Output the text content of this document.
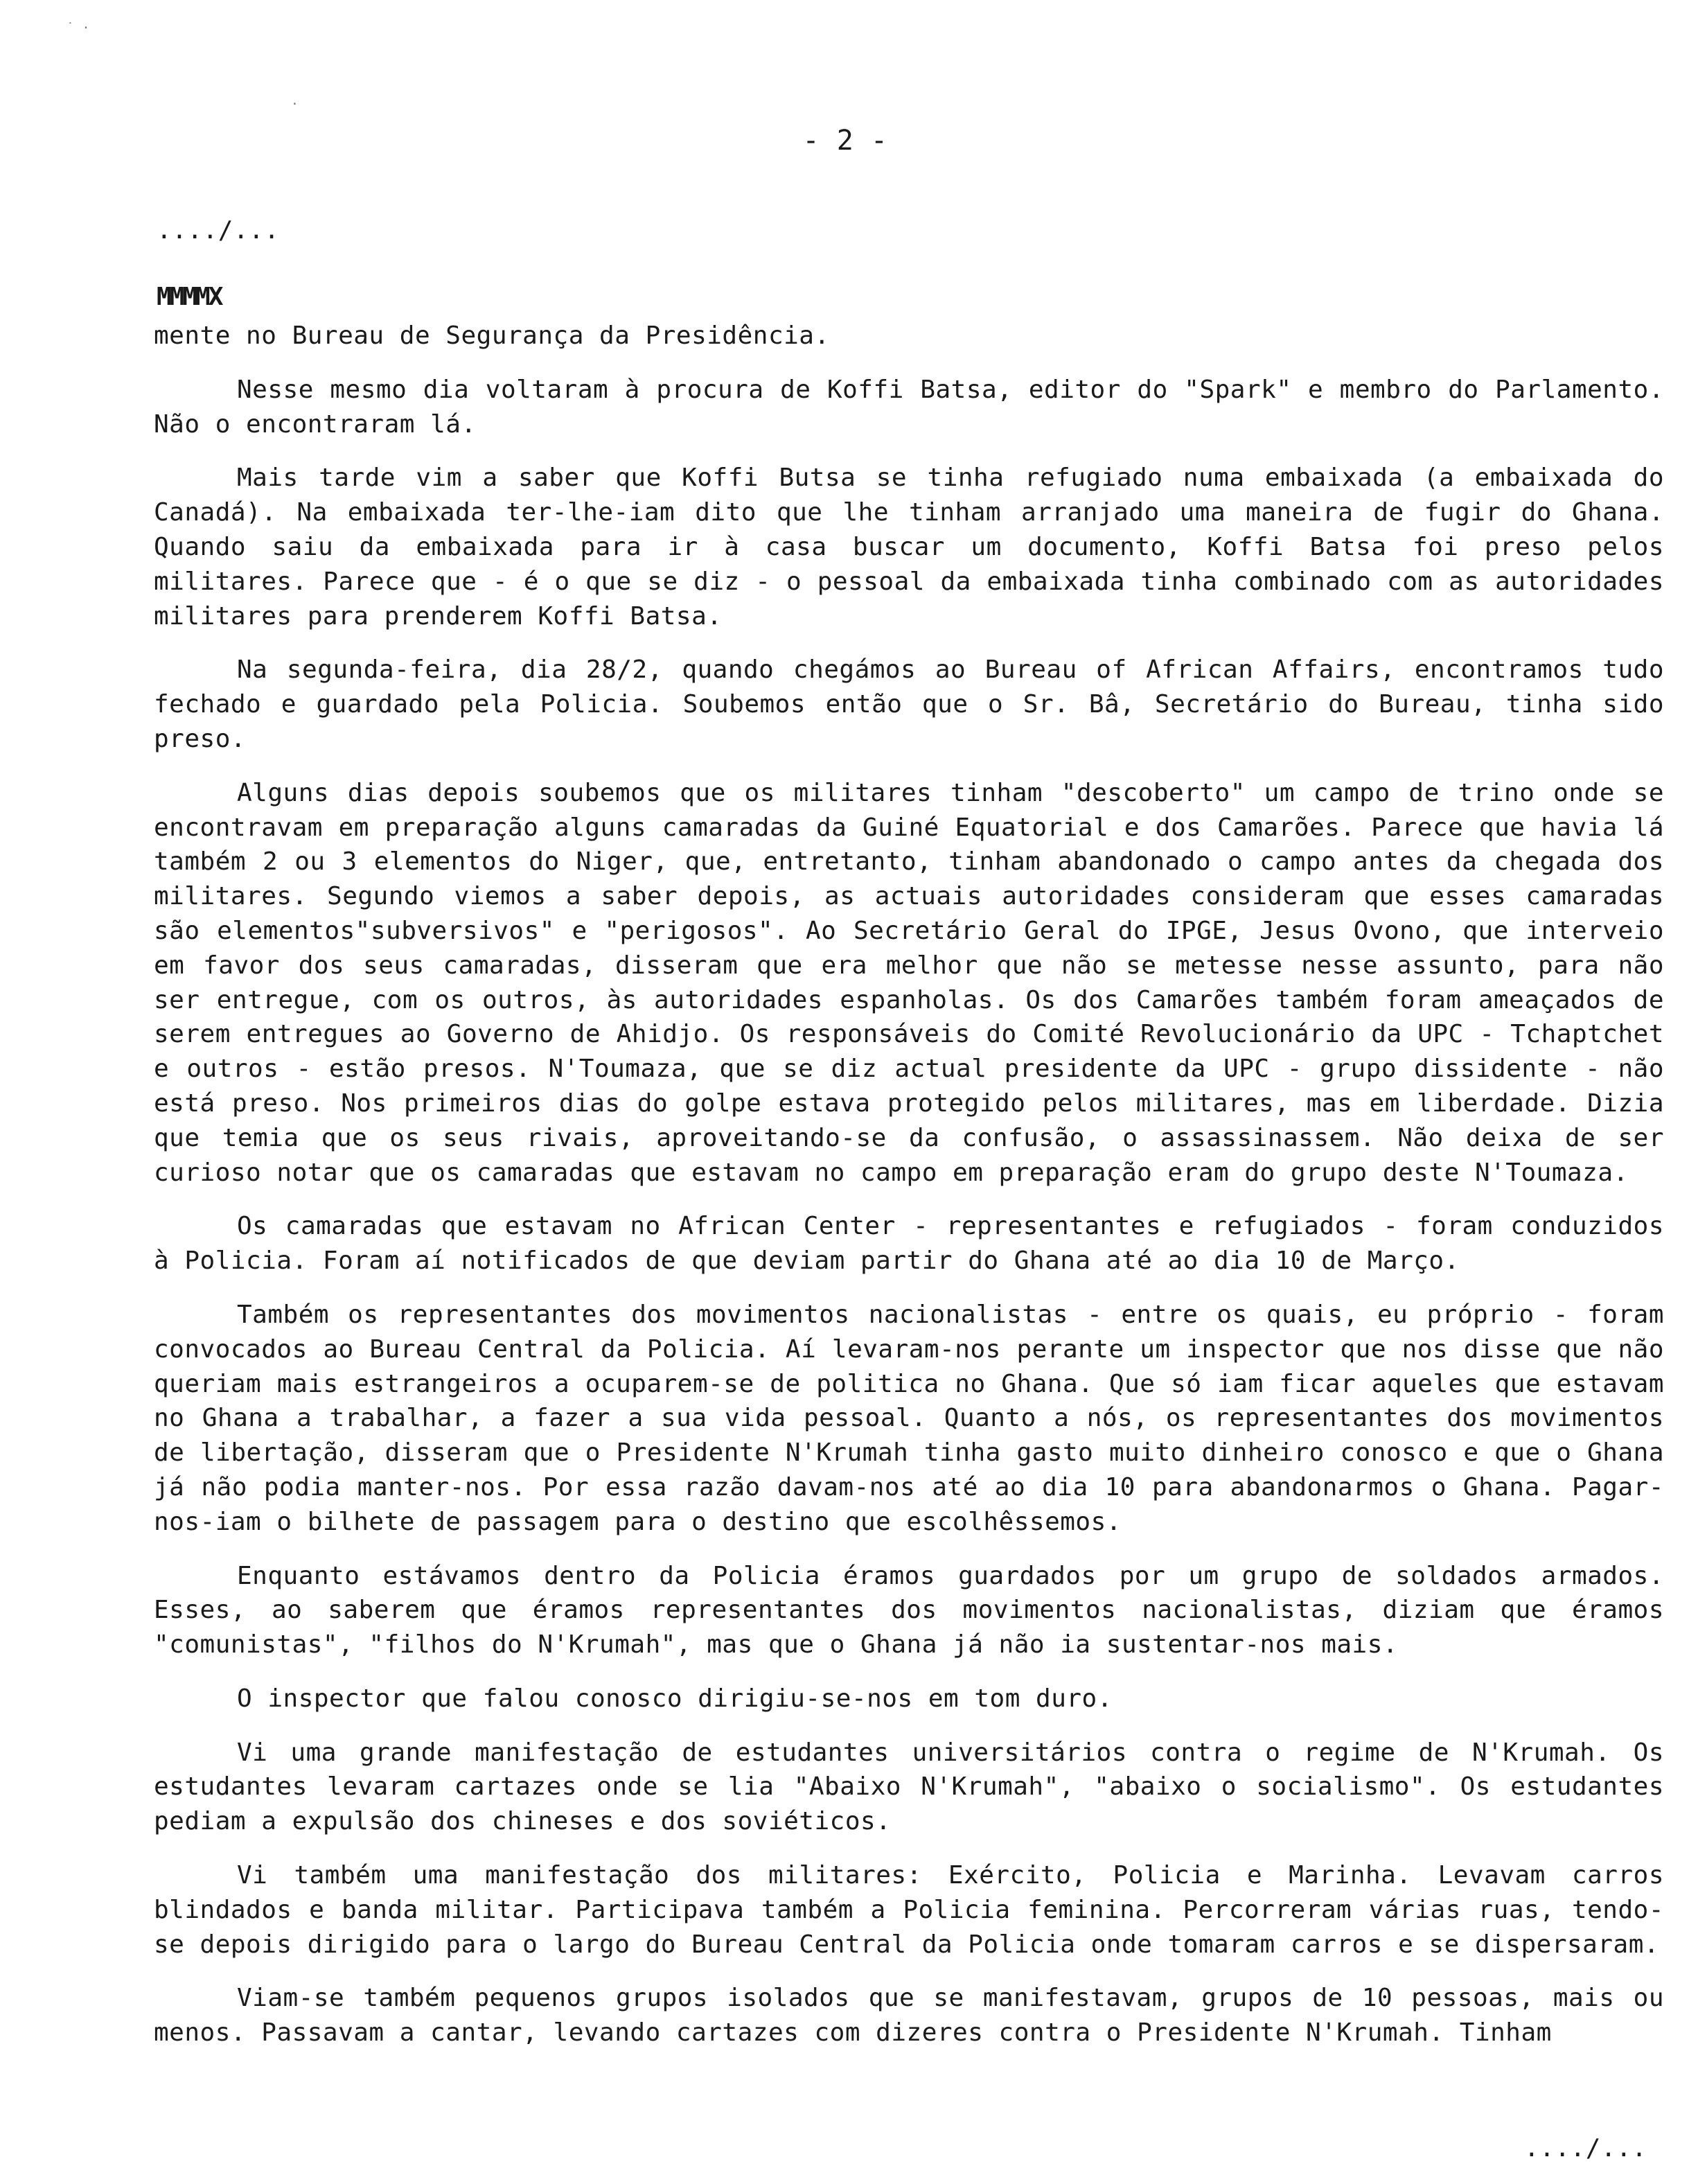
˙ ·
·
- 2 -
..../...
MMMMX

mente no Bureau de Segurança da Presidência.

Nesse mesmo dia voltaram à procura de Koffi Batsa, editor do "Spark" e membro do Parlamento. Não o encontraram lá.

Mais tarde vim a saber que Koffi Butsa se tinha refugiado numa embaixada (a embaixada do Canadá). Na embaixada ter-lhe-iam dito que lhe tinham arranjado uma maneira de fugir do Ghana. Quando saiu da embaixada para ir à casa buscar um documento, Koffi Batsa foi preso pelos militares. Parece que - é o que se diz - o pessoal da embaixada tinha combinado com as autoridades militares para prenderem Koffi Batsa.

Na segunda-feira, dia 28/2, quando chegámos ao Bureau of African Affairs, encontramos tudo fechado e guardado pela Policia. Soubemos então que o Sr. Bâ, Secretário do Bureau, tinha sido preso.

Alguns dias depois soubemos que os militares tinham "descoberto" um campo de trino onde se encontravam em preparação alguns camaradas da Guiné Equatorial e dos Camarões. Parece que havia lá também 2 ou 3 elementos do Niger, que, entretanto, tinham abandonado o campo antes da chegada dos militares. Segundo viemos a saber depois, as actuais autoridades consideram que esses camaradas são elementos"subversivos" e "perigosos". Ao Secretário Geral do IPGE, Jesus Ovono, que interveio em favor dos seus camaradas, disseram que era melhor que não se metesse nesse assunto, para não ser entregue, com os outros, às autoridades espanholas. Os dos Camarões também foram ameaçados de serem entregues ao Governo de Ahidjo. Os responsáveis do Comité Revolucionário da UPC - Tchaptchet e outros - estão presos. N'Toumaza, que se diz actual presidente da UPC - grupo dissidente - não está preso. Nos primeiros dias do golpe estava protegido pelos militares, mas em liberdade. Dizia que temia que os seus rivais, aproveitando-se da confusão, o assassinassem. Não deixa de ser curioso notar que os camaradas que estavam no campo em preparação eram do grupo deste N'Toumaza.

Os camaradas que estavam no African Center - representantes e refugiados - foram conduzidos à Policia. Foram aí notificados de que deviam partir do Ghana até ao dia 10 de Março.

Também os representantes dos movimentos nacionalistas - entre os quais, eu próprio - foram convocados ao Bureau Central da Policia. Aí levaram-nos perante um inspector que nos disse que não queriam mais estrangeiros a ocuparem-se de politica no Ghana. Que só iam ficar aqueles que estavam no Ghana a trabalhar, a fazer a sua vida pessoal. Quanto a nós, os representantes dos movimentos de libertação, disseram que o Presidente N'Krumah tinha gasto muito dinheiro conosco e que o Ghana já não podia manter-nos. Por essa razão davam-nos até ao dia 10 para abandonarmos o Ghana. Pagar-nos-iam o bilhete de passagem para o destino que escolhêssemos.

Enquanto estávamos dentro da Policia éramos guardados por um grupo de soldados armados. Esses, ao saberem que éramos representantes dos movimentos nacionalistas, diziam que éramos "comunistas", "filhos do N'Krumah", mas que o Ghana já não ia sustentar-nos mais.

O inspector que falou conosco dirigiu-se-nos em tom duro.

Vi uma grande manifestação de estudantes universitários contra o regime de N'Krumah. Os estudantes levaram cartazes onde se lia "Abaixo N'Krumah", "abaixo o socialismo". Os estudantes pediam a expulsão dos chineses e dos soviéticos.

Vi também uma manifestação dos militares: Exército, Policia e Marinha. Levavam carros blindados e banda militar. Participava também a Policia feminina. Percorreram várias ruas, tendo-se depois dirigido para o largo do Bureau Central da Policia onde tomaram carros e se dispersaram.

Viam-se também pequenos grupos isolados que se manifestavam, grupos de 10 pessoas, mais ou menos. Passavam a cantar, levando cartazes com dizeres contra o Presidente N'Krumah. Tinham

..../...
